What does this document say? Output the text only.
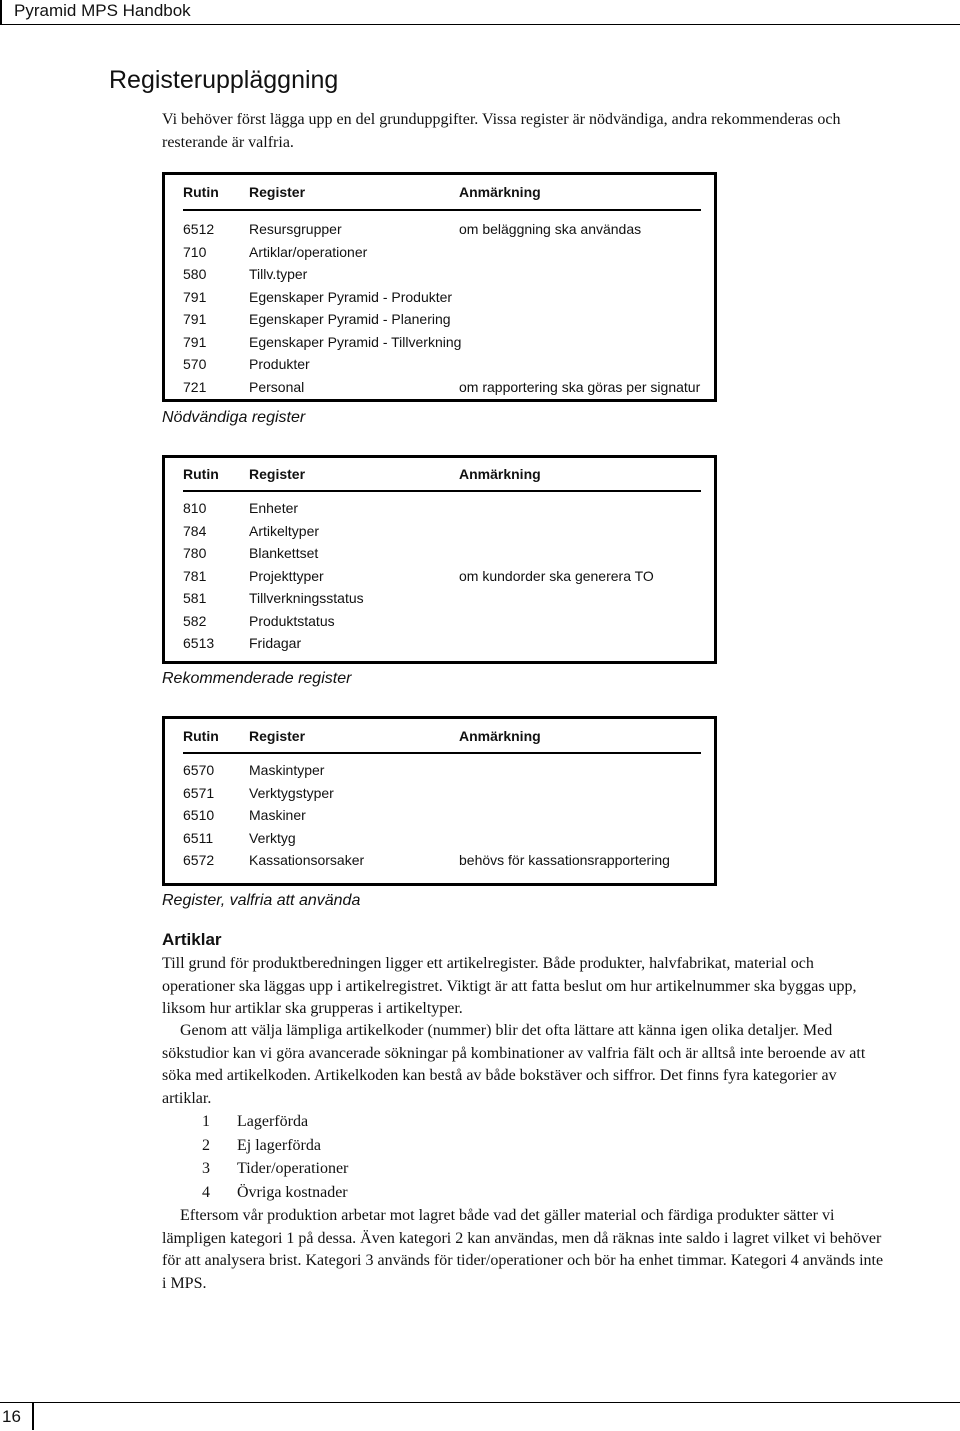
Pyramid MPS Handbok
Registeruppläggning

Vi behöver först lägga upp en del grunduppgifter. Vissa register är nödvändiga, andra rekommenderas och resterande är valfria.

Rutin Register	Anmärkning
6512 Resursgrupper	om beläggning ska användas
710	Artiklar/operationer
580	Tillv.typer
791	Egenskaper Pyramid - Produkter
791	Egenskaper Pyramid - Planering
791	Egenskaper Pyramid - Tillverkning
570	Produkter
721	Personal	om rapportering ska göras per signatur
Nödvändiga register
Rutin Register	Anmärkning
810	Enheter
784	Artikeltyper
780	Blankettset
781	Projekttyper	om kundorder ska generera TO
581	Tillverkningsstatus
582	Produktstatus
6513 Fridagar
Rekommenderade register
Rutin Register	Anmärkning
6570 Maskintyper
6571 Verktygstyper
6510 Maskiner
6511	Verktyg
6572 Kassationsorsaker	behövs för kassationsrapportering
Register, valfria att använda
Artiklar

Till grund för produktberedningen ligger ett artikelregister. Både produkter, halvfabrikat, material och operationer ska läggas upp i artikelregistret. Viktigt är att fatta beslut om hur artikelnummer ska byggas upp, liksom hur artiklar ska grupperas i artikeltyper.

Genom att välja lämpliga artikelkoder (nummer) blir det ofta lättare att känna igen olika detaljer. Med sökstudior kan vi göra avancerade sökningar på kombinationer av valfria fält och är alltså inte beroende av att söka med artikelkoden. Artikelkoden kan bestå av både bokstäver och siffror. Det finns fyra kategorier av artiklar.

1 Lagerförda
2 Ej lagerförda
3 Tider/operationer
4 Övriga kostnader

Eftersom vår produktion arbetar mot lagret både vad det gäller material och färdiga produkter sätter vi lämpligen kategori 1 på dessa. Även kategori 2 kan användas, men då räknas inte saldo i lagret vilket vi behöver för att analysera brist. Kategori 3 används för tider/operationer och bör ha enhet timmar. Kategori 4 används inte i MPS.

16
